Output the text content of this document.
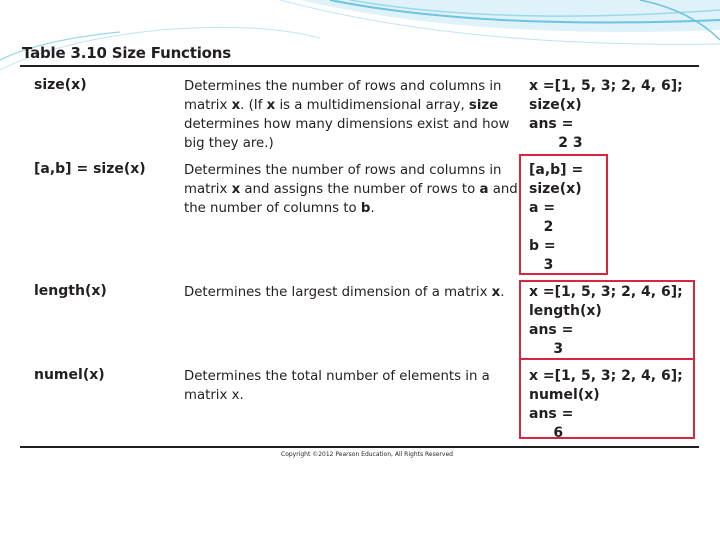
Table 3.10 Size Functions
size(x)	Determines the number of rows and columns in matrix x. (If x is a multidimensional array, size determines how many dimensions exist and how big they are.)
x =[1, 5, 3; 2, 4, 6];
size(x)
ans =
2 3
[a,b] = size(x)	Determines the number of rows and columns in matrix x and assigns the number of rows to a and the number of columns to b.
[a,b] =
size(x)
a =
2
b =
3
length(x)	Determines the largest dimension of a matrix x.	x =[1, 5, 3; 2, 4, 6];
length(x)
ans =
3
numel(x)	Determines the total number of elements in a matrix x.
x =[1, 5, 3; 2, 4, 6];
numel(x)
ans =
6
Copyright ©2012 Pearson Education, All Rights Reserved
